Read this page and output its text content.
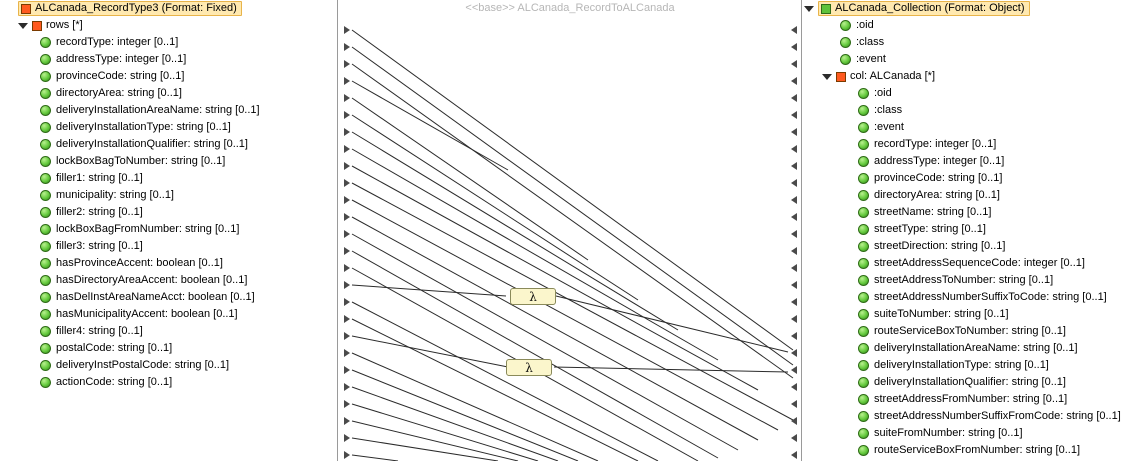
ALCanada_RecordType3 (Format: Fixed)
rows [*]
recordType: integer [0..1]
addressType: integer [0..1]
provinceCode: string [0..1]
directoryArea: string [0..1]
deliveryInstallationAreaName: string [0..1]
deliveryInstallationType: string [0..1]
deliveryInstallationQualifier: string [0..1]
lockBoxBagToNumber: string [0..1]
filler1: string [0..1]
municipality: string [0..1]
filler2: string [0..1]
lockBoxBagFromNumber: string [0..1]
filler3: string [0..1]
hasProvinceAccent: boolean [0..1]
hasDirectoryAreaAccent: boolean [0..1]
hasDelInstAreaNameAcct: boolean [0..1]
hasMunicipalityAccent: boolean [0..1]
filler4: string [0..1]
postalCode: string [0..1]
deliveryInstPostalCode: string [0..1]
actionCode: string [0..1]
<<base>> ALCanada_RecordToALCanada
λ
λ
ALCanada_Collection (Format: Object)
:oid
:class
:event
col: ALCanada [*]
:oid
:class
:event
recordType: integer [0..1]
addressType: integer [0..1]
provinceCode: string [0..1]
directoryArea: string [0..1]
streetName: string [0..1]
streetType: string [0..1]
streetDirection: string [0..1]
streetAddressSequenceCode: integer [0..1]
streetAddressToNumber: string [0..1]
streetAddressNumberSuffixToCode: string [0..1]
suiteToNumber: string [0..1]
routeServiceBoxToNumber: string [0..1]
deliveryInstallationAreaName: string [0..1]
deliveryInstallationType: string [0..1]
deliveryInstallationQualifier: string [0..1]
streetAddressFromNumber: string [0..1]
streetAddressNumberSuffixFromCode: string [0..1]
suiteFromNumber: string [0..1]
routeServiceBoxFromNumber: string [0..1]
